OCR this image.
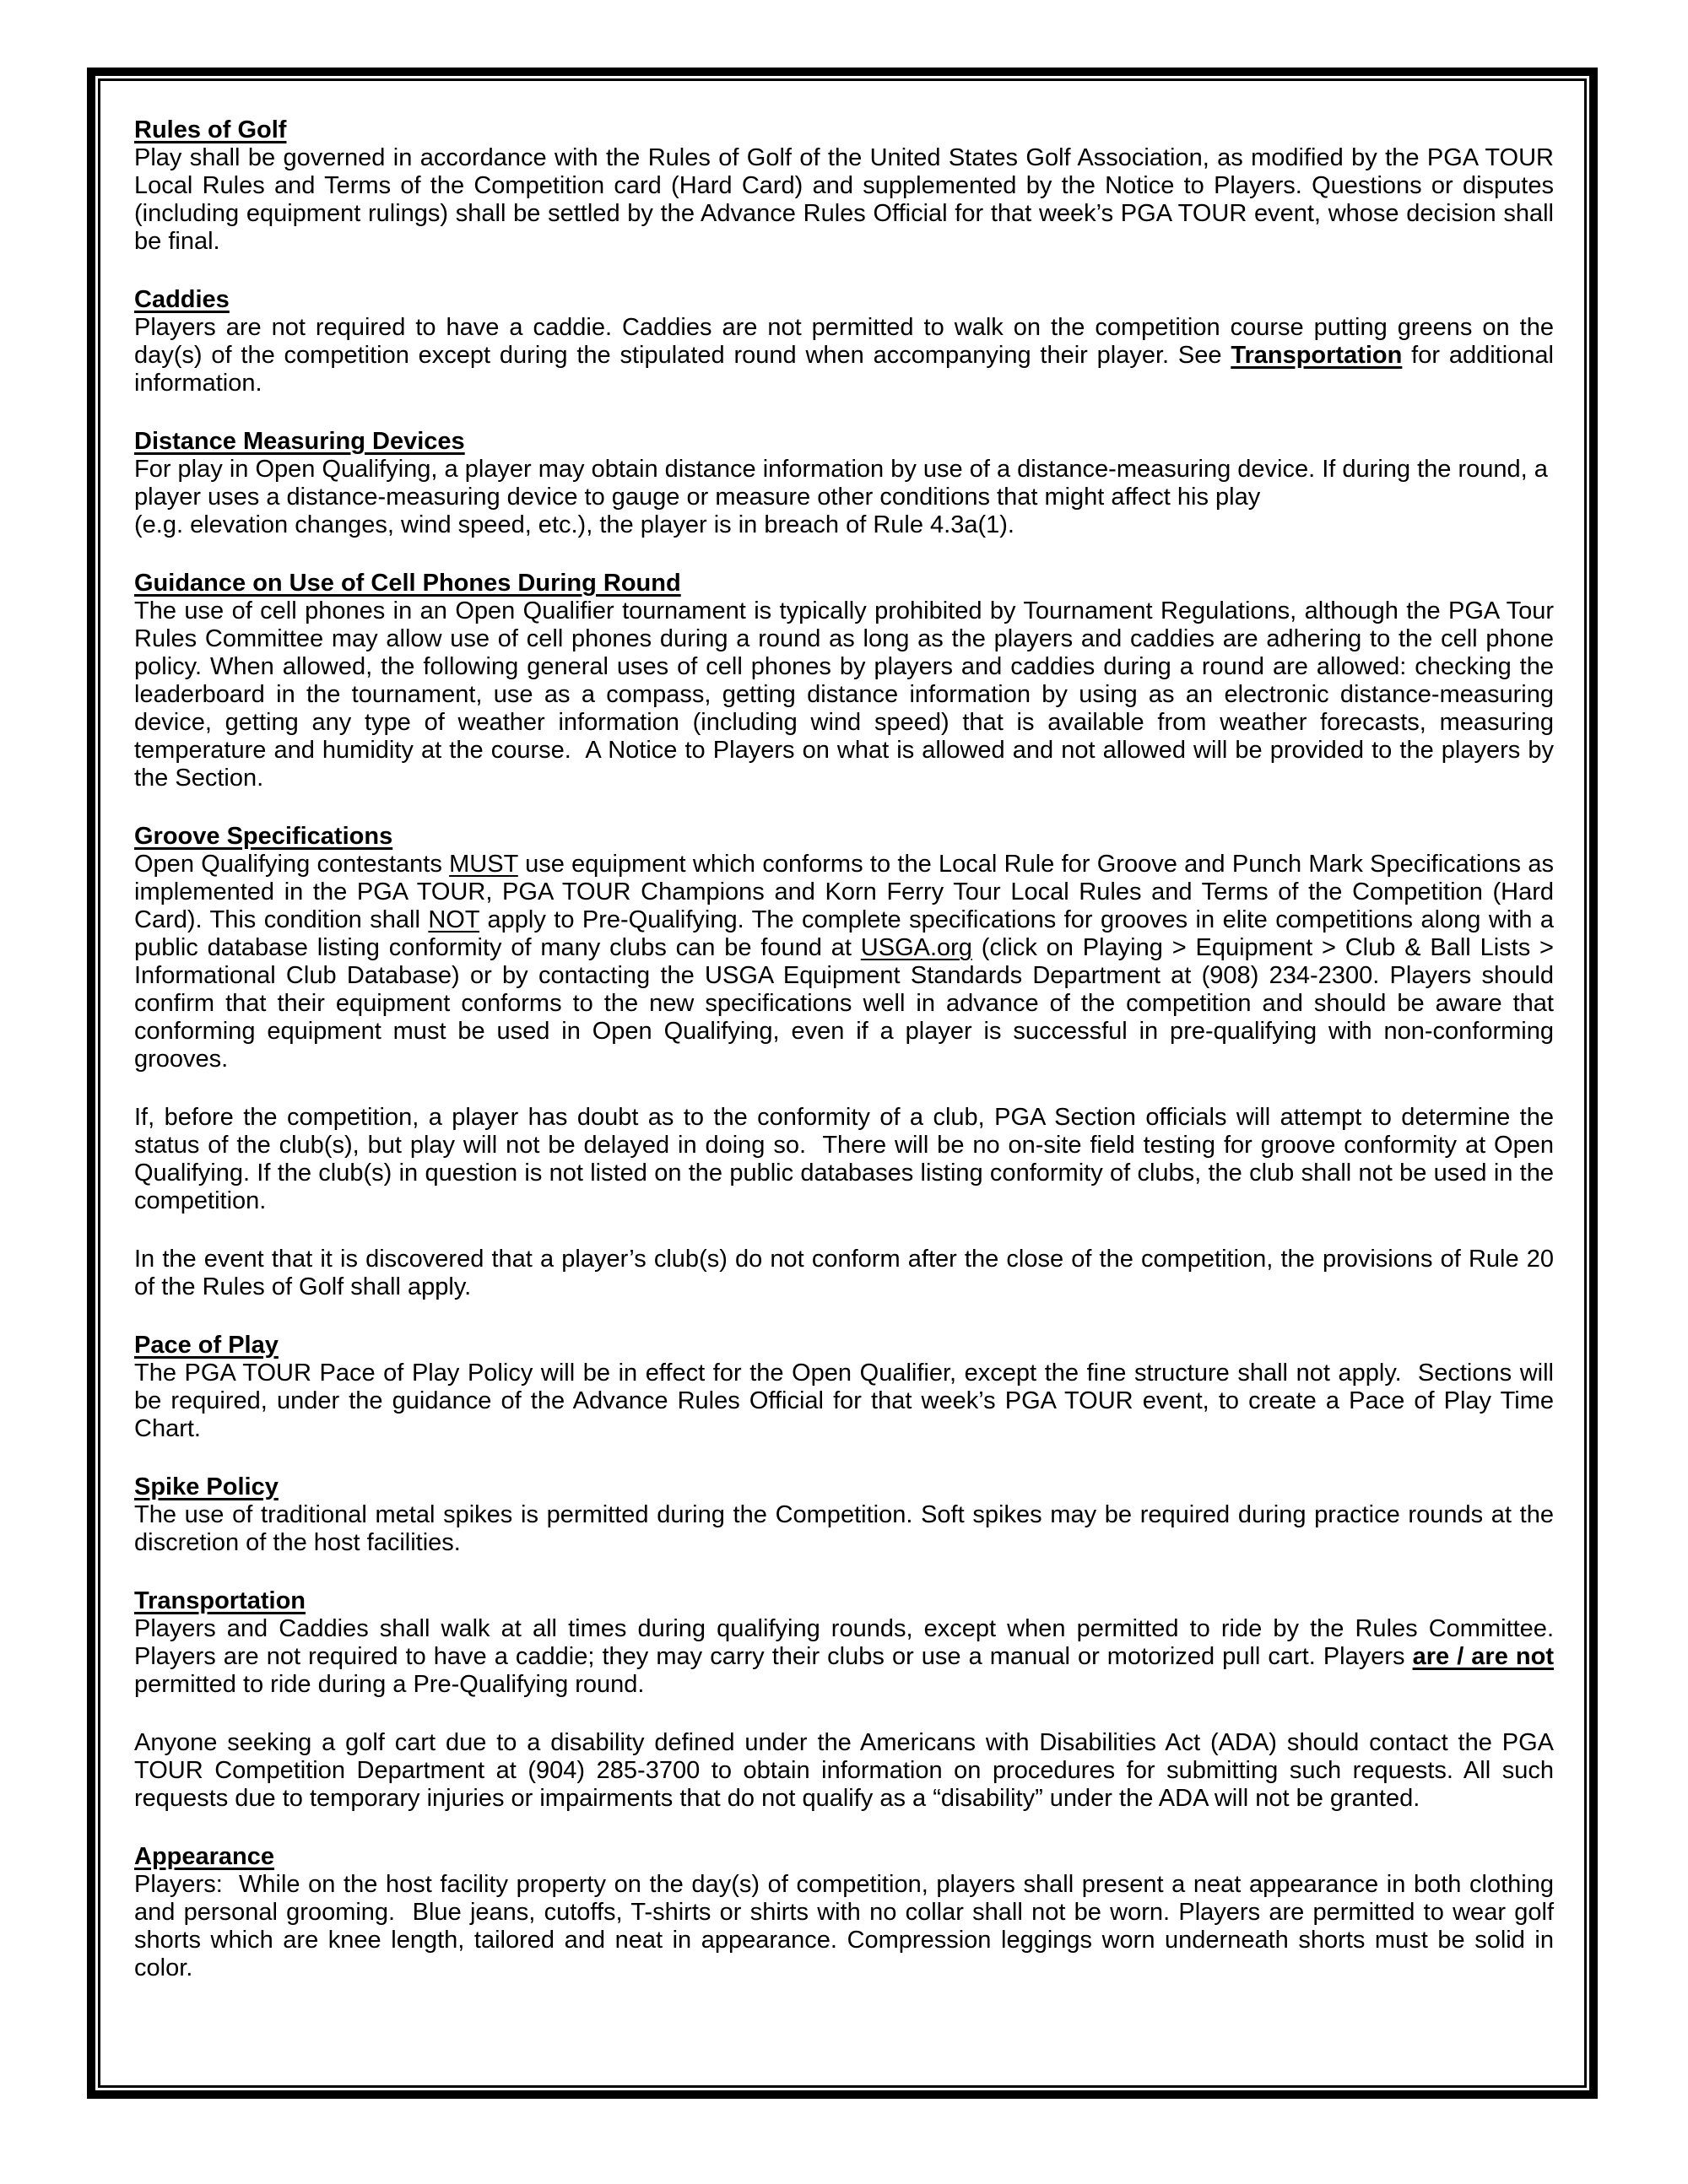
Rules of Golf

Play shall be governed in accordance with the Rules of Golf of the United States Golf Association, as modified by the PGA TOUR Local Rules and Terms of the Competition card (Hard Card) and supplemented by the Notice to Players. Questions or disputes (including equipment rulings) shall be settled by the Advance Rules Official for that week’s PGA TOUR event, whose decision shall be final.

Caddies

Players are not required to have a caddie. Caddies are not permitted to walk on the competition course putting greens on the day(s) of the competition except during the stipulated round when accompanying their player. See Transportation for additional information.

Distance Measuring Devices

For play in Open Qualifying, a player may obtain distance information by use of a distance-measuring device. If during the round, a player uses a distance-measuring device to gauge or measure other conditions that might affect his play
(e.g. elevation changes, wind speed, etc.), the player is in breach of Rule 4.3a(1).

Guidance on Use of Cell Phones During Round

The use of cell phones in an Open Qualifier tournament is typically prohibited by Tournament Regulations, although the PGA Tour Rules Committee may allow use of cell phones during a round as long as the players and caddies are adhering to the cell phone policy. When allowed, the following general uses of cell phones by players and caddies during a round are allowed: checking the leaderboard in the tournament, use as a compass, getting distance information by using as an electronic distance-measuring device, getting any type of weather information (including wind speed) that is available from weather forecasts, measuring temperature and humidity at the course.  A Notice to Players on what is allowed and not allowed will be provided to the players by the Section.

Groove Specifications

Open Qualifying contestants MUST use equipment which conforms to the Local Rule for Groove and Punch Mark Specifications as implemented in the PGA TOUR, PGA TOUR Champions and Korn Ferry Tour Local Rules and Terms of the Competition (Hard Card). This condition shall NOT apply to Pre-Qualifying. The complete specifications for grooves in elite competitions along with a public database listing conformity of many clubs can be found at USGA.org (click on Playing > Equipment > Club & Ball Lists > Informational Club Database) or by contacting the USGA Equipment Standards Department at (908) 234-2300. Players should confirm that their equipment conforms to the new specifications well in advance of the competition and should be aware that conforming equipment must be used in Open Qualifying, even if a player is successful in pre-qualifying with non-conforming grooves.

If, before the competition, a player has doubt as to the conformity of a club, PGA Section officials will attempt to determine the status of the club(s), but play will not be delayed in doing so.  There will be no on-site field testing for groove conformity at Open Qualifying. If the club(s) in question is not listed on the public databases listing conformity of clubs, the club shall not be used in the competition.

In the event that it is discovered that a player’s club(s) do not conform after the close of the competition, the provisions of Rule 20 of the Rules of Golf shall apply.

Pace of Play

The PGA TOUR Pace of Play Policy will be in effect for the Open Qualifier, except the fine structure shall not apply.  Sections will be required, under the guidance of the Advance Rules Official for that week’s PGA TOUR event, to create a Pace of Play Time Chart.

Spike Policy

The use of traditional metal spikes is permitted during the Competition. Soft spikes may be required during practice rounds at the discretion of the host facilities.

Transportation

Players and Caddies shall walk at all times during qualifying rounds, except when permitted to ride by the Rules Committee. Players are not required to have a caddie; they may carry their clubs or use a manual or motorized pull cart. Players are / are not permitted to ride during a Pre-Qualifying round.

Anyone seeking a golf cart due to a disability defined under the Americans with Disabilities Act (ADA) should contact the PGA TOUR Competition Department at (904) 285-3700 to obtain information on procedures for submitting such requests. All such requests due to temporary injuries or impairments that do not qualify as a “disability” under the ADA will not be granted.

Appearance

Players:  While on the host facility property on the day(s) of competition, players shall present a neat appearance in both clothing and personal grooming.  Blue jeans, cutoffs, T-shirts or shirts with no collar shall not be worn. Players are permitted to wear golf shorts which are knee length, tailored and neat in appearance. Compression leggings worn underneath shorts must be solid in color.
